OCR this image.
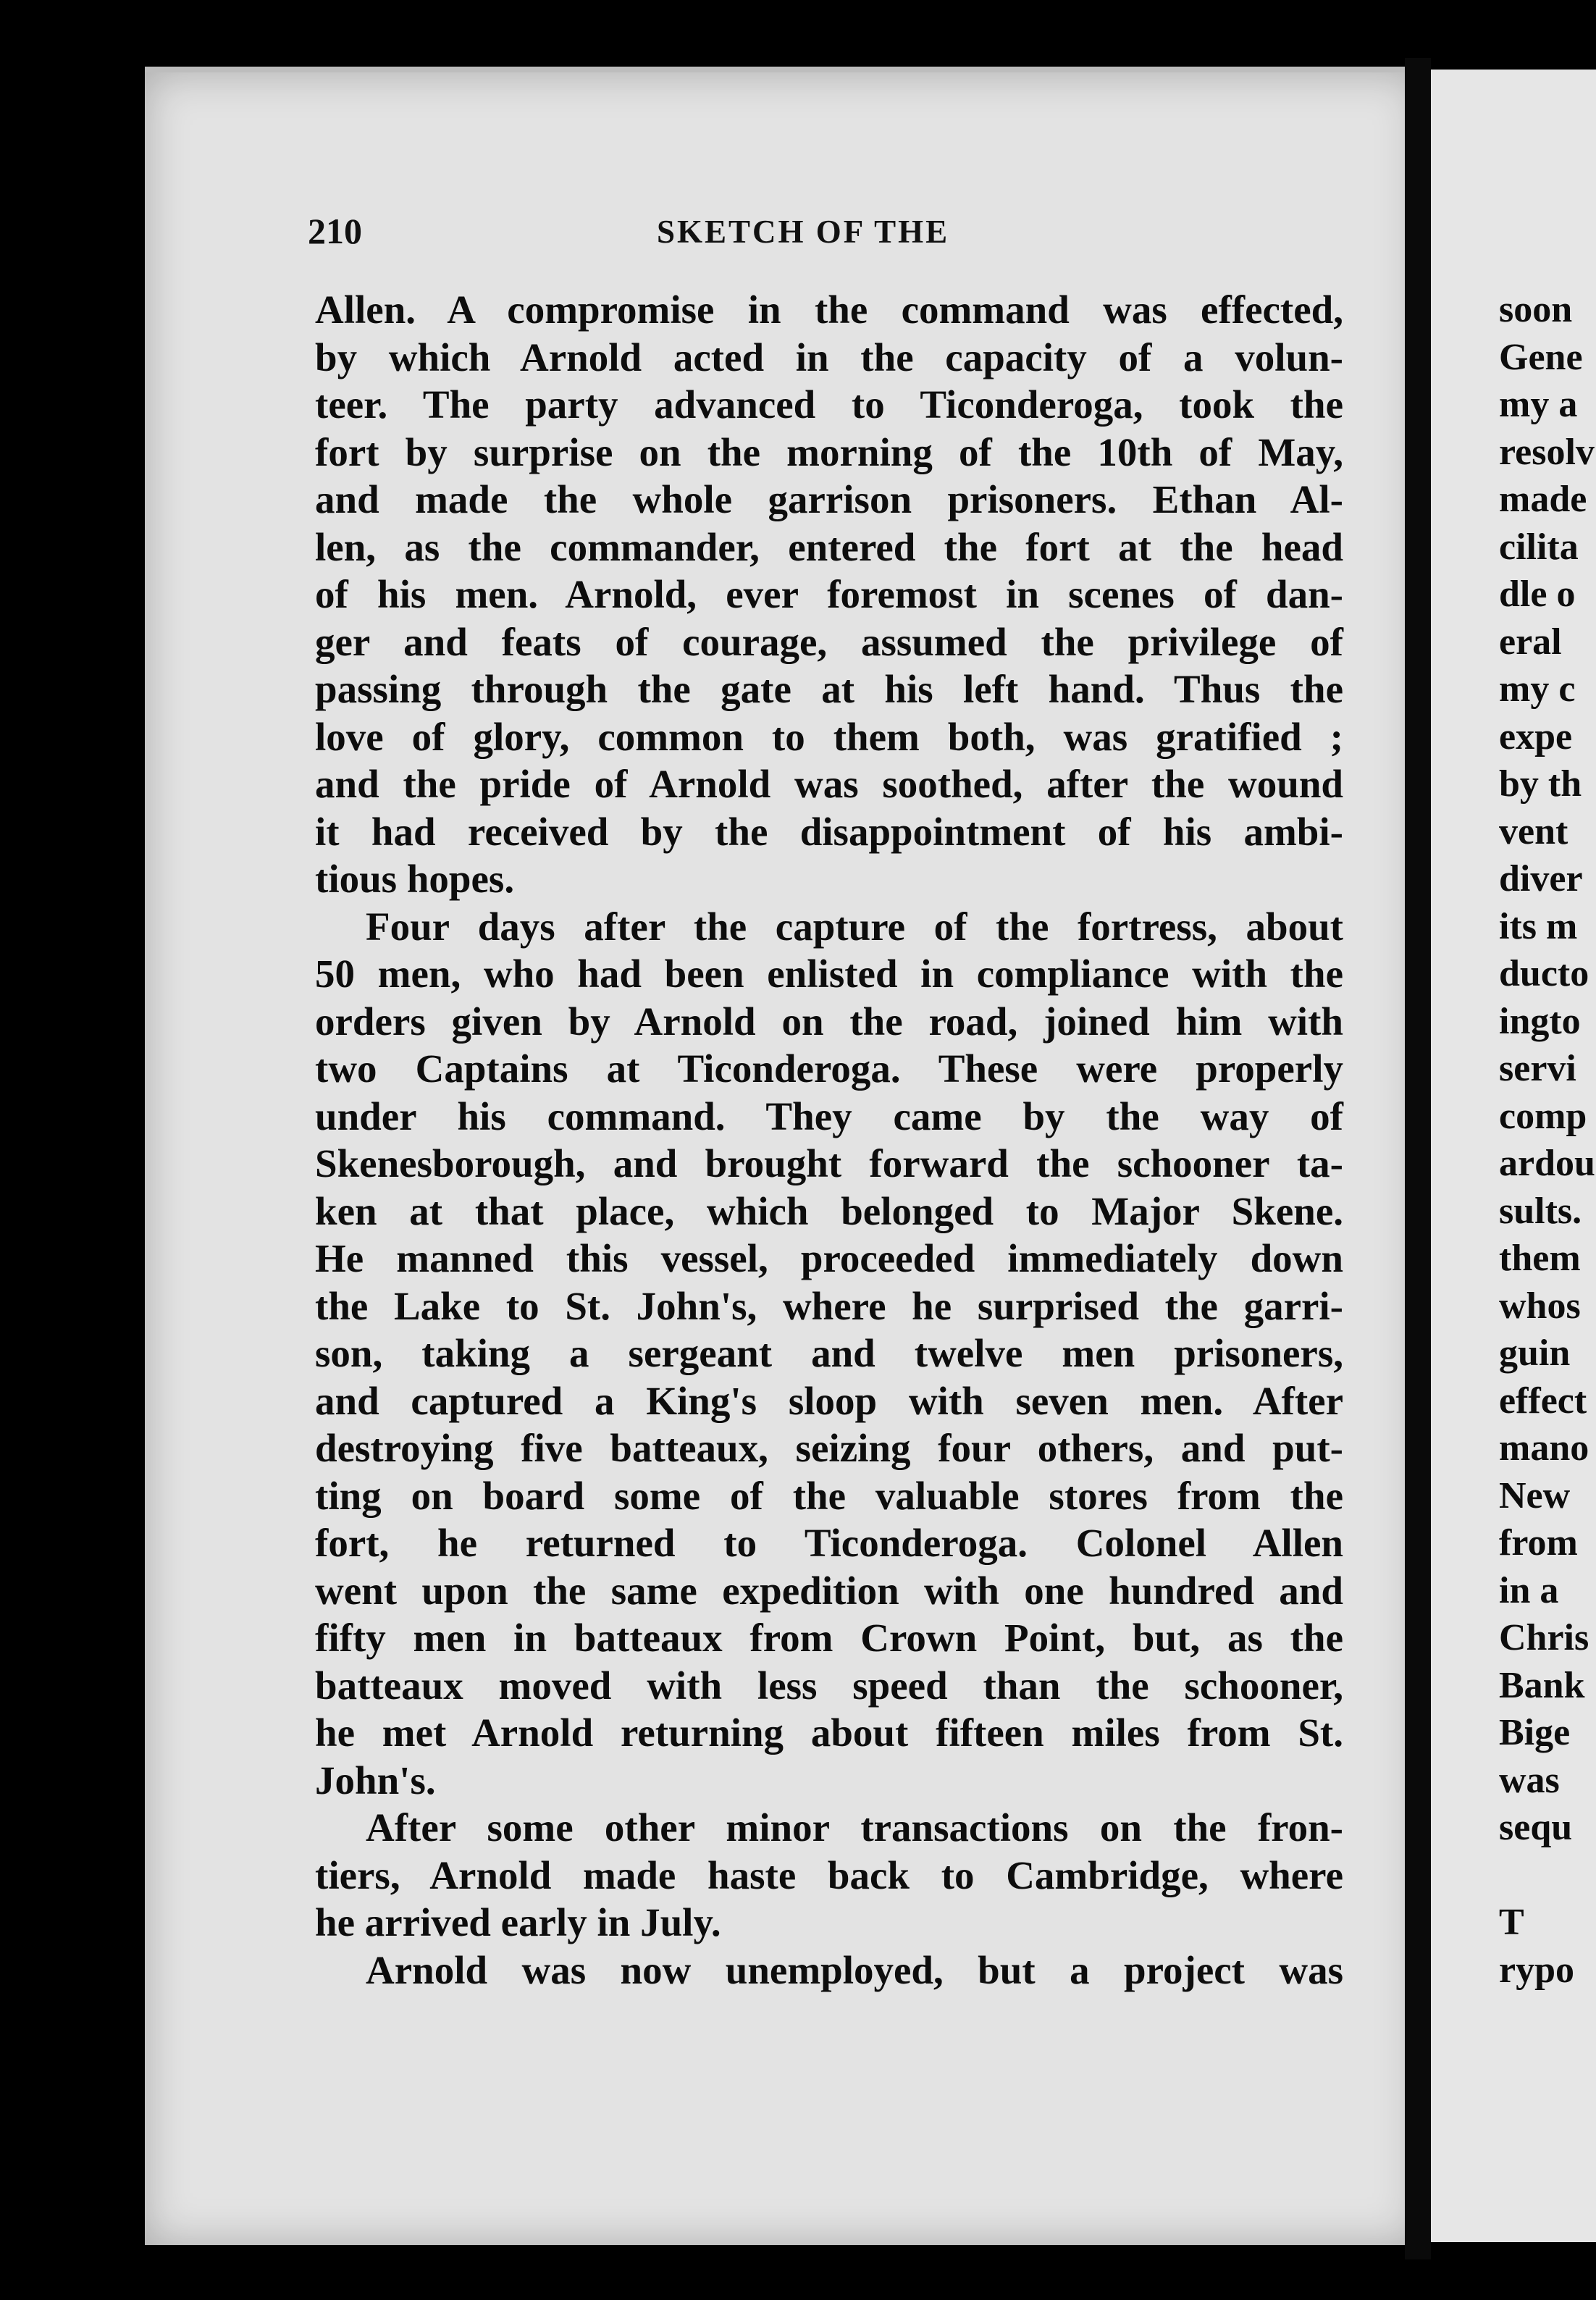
210	SKETCH OF THE
Allen. A compromise in the command was effected,
by which Arnold acted in the capacity of a volun-
teer. The party advanced to Ticonderoga, took the
fort by surprise on the morning of the 10th of May,
and made the whole garrison prisoners. Ethan Al-
len, as the commander, entered the fort at the head
of his men. Arnold, ever foremost in scenes of dan-
ger and feats of courage, assumed the privilege of
passing through the gate at his left hand. Thus the
love of glory, common to them both, was gratified ;
and the pride of Arnold was soothed, after the wound
it had received by the disappointment of his ambi-
tious hopes.
Four days after the capture of the fortress, about
50 men, who had been enlisted in compliance with the
orders given by Arnold on the road, joined him with
two Captains at Ticonderoga. These were properly
under his command. They came by the way of
Skenesborough, and brought forward the schooner ta-
ken at that place, which belonged to Major Skene.
He manned this vessel, proceeded immediately down
the Lake to St. John's, where he surprised the garri-
son, taking a sergeant and twelve men prisoners,
and captured a King's sloop with seven men. After
destroying five batteaux, seizing four others, and put-
ting on board some of the valuable stores from the
fort, he returned to Ticonderoga. Colonel Allen
went upon the same expedition with one hundred and
fifty men in batteaux from Crown Point, but, as the
batteaux moved with less speed than the schooner,
he met Arnold returning about fifteen miles from St.
John's.
After some other minor transactions on the fron-
tiers, Arnold made haste back to Cambridge, where
he arrived early in July.
Arnold was now unemployed, but a project was
soon
Gene
my a
resolv
made
cilita
dle o
eral
my c
expe
by th
vent
diver
its m
ducto
ingto
servi
comp
ardou
sults.
them
whos
guin
effect
mano
New
from
in a
Chris
Bank
Bige
was
sequ

T
rypo
